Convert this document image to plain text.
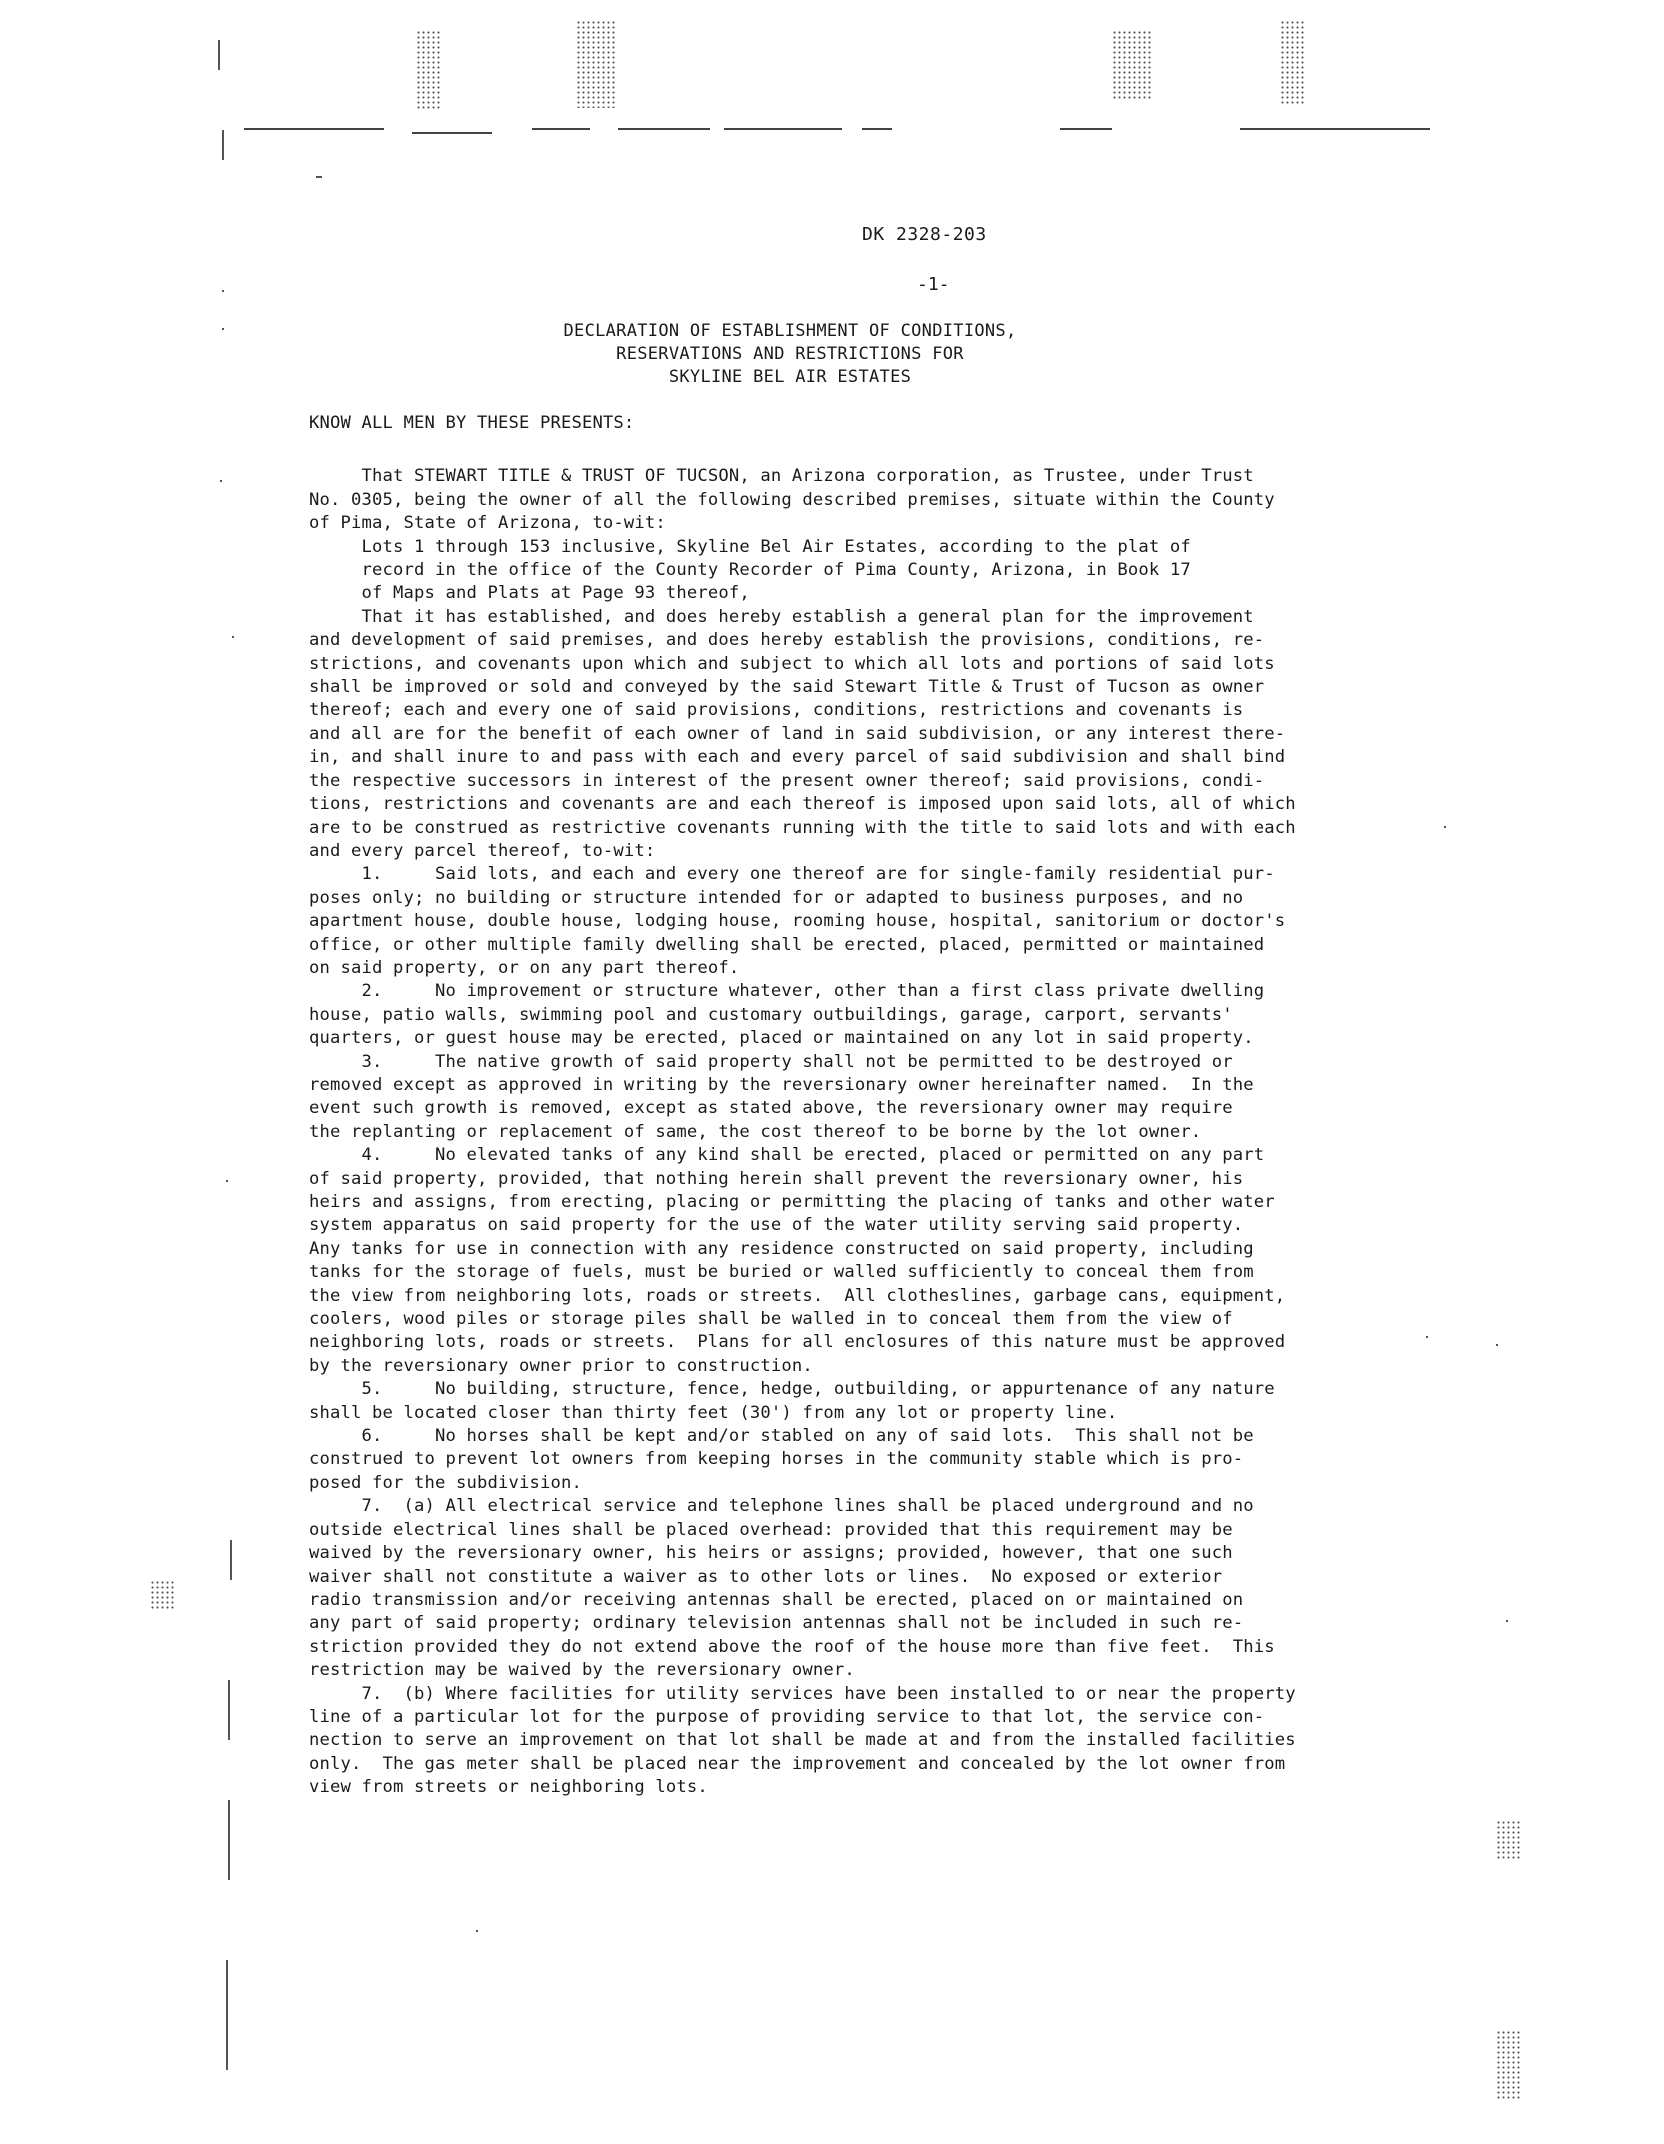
DK 2328-203
-1-
DECLARATION OF ESTABLISHMENT OF CONDITIONS,
RESERVATIONS AND RESTRICTIONS FOR
SKYLINE BEL AIR ESTATES

KNOW ALL MEN BY THESE PRESENTS:

That STEWART TITLE & TRUST OF TUCSON, an Arizona corporation, as Trustee, under Trust

No. 0305, being the owner of all the following described premises, situate within the County

of Pima, State of Arizona, to-wit:

Lots 1 through 153 inclusive, Skyline Bel Air Estates, according to the plat of

record in the office of the County Recorder of Pima County, Arizona, in Book 17

of Maps and Plats at Page 93 thereof,

That it has established, and does hereby establish a general plan for the improvement

and development of said premises, and does hereby establish the provisions, conditions, re-

strictions, and covenants upon which and subject to which all lots and portions of said lots

shall be improved or sold and conveyed by the said Stewart Title & Trust of Tucson as owner

thereof; each and every one of said provisions, conditions, restrictions and covenants is

and all are for the benefit of each owner of land in said subdivision, or any interest there-

in, and shall inure to and pass with each and every parcel of said subdivision and shall bind

the respective successors in interest of the present owner thereof; said provisions, condi-

tions, restrictions and covenants are and each thereof is imposed upon said lots, all of which

are to be construed as restrictive covenants running with the title to said lots and with each

and every parcel thereof, to-wit:

1.     Said lots, and each and every one thereof are for single-family residential pur-

poses only; no building or structure intended for or adapted to business purposes, and no

apartment house, double house, lodging house, rooming house, hospital, sanitorium or doctor's

office, or other multiple family dwelling shall be erected, placed, permitted or maintained

on said property, or on any part thereof.

2.     No improvement or structure whatever, other than a first class private dwelling

house, patio walls, swimming pool and customary outbuildings, garage, carport, servants'

quarters, or guest house may be erected, placed or maintained on any lot in said property.

3.     The native growth of said property shall not be permitted to be destroyed or

removed except as approved in writing by the reversionary owner hereinafter named.  In the

event such growth is removed, except as stated above, the reversionary owner may require

the replanting or replacement of same, the cost thereof to be borne by the lot owner.

4.     No elevated tanks of any kind shall be erected, placed or permitted on any part

of said property, provided, that nothing herein shall prevent the reversionary owner, his

heirs and assigns, from erecting, placing or permitting the placing of tanks and other water

system apparatus on said property for the use of the water utility serving said property.

Any tanks for use in connection with any residence constructed on said property, including

tanks for the storage of fuels, must be buried or walled sufficiently to conceal them from

the view from neighboring lots, roads or streets.  All clotheslines, garbage cans, equipment,

coolers, wood piles or storage piles shall be walled in to conceal them from the view of

neighboring lots, roads or streets.  Plans for all enclosures of this nature must be approved

by the reversionary owner prior to construction.

5.     No building, structure, fence, hedge, outbuilding, or appurtenance of any nature

shall be located closer than thirty feet (30') from any lot or property line.

6.     No horses shall be kept and/or stabled on any of said lots.  This shall not be

construed to prevent lot owners from keeping horses in the community stable which is pro-

posed for the subdivision.

7.  (a) All electrical service and telephone lines shall be placed underground and no

outside electrical lines shall be placed overhead: provided that this requirement may be

waived by the reversionary owner, his heirs or assigns; provided, however, that one such

waiver shall not constitute a waiver as to other lots or lines.  No exposed or exterior

radio transmission and/or receiving antennas shall be erected, placed on or maintained on

any part of said property; ordinary television antennas shall not be included in such re-

striction provided they do not extend above the roof of the house more than five feet.  This

restriction may be waived by the reversionary owner.

7.  (b) Where facilities for utility services have been installed to or near the property

line of a particular lot for the purpose of providing service to that lot, the service con-

nection to serve an improvement on that lot shall be made at and from the installed facilities

only.  The gas meter shall be placed near the improvement and concealed by the lot owner from

view from streets or neighboring lots.
